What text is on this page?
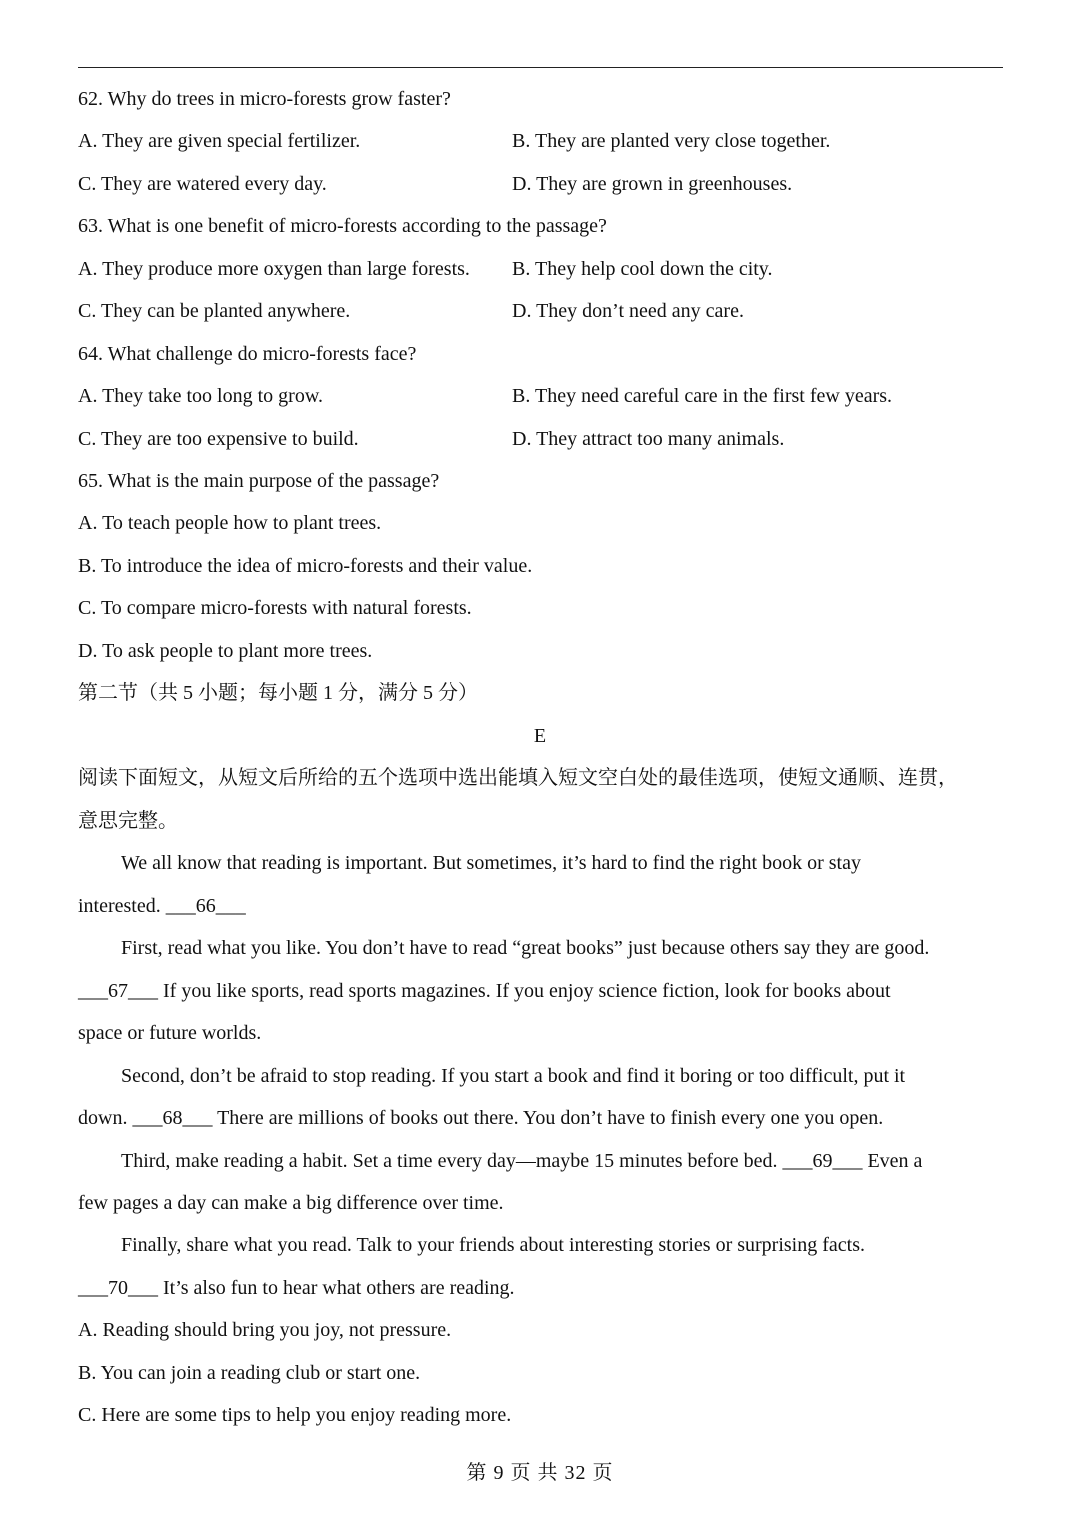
62. Why do trees in micro-forests grow faster?
A. They are given special fertilizer.	B. They are planted very close together.
C. They are watered every day.	D. They are grown in greenhouses.
63. What is one benefit of micro-forests according to the passage?
A. They produce more oxygen than large forests. B. They help cool down the city.
C. They can be planted anywhere.	D. They don’t need any care.
64. What challenge do micro-forests face?
A. They take too long to grow.	B. They need careful care in the first few years.
C. They are too expensive to build.	D. They attract too many animals.
65. What is the main purpose of the passage?
A. To teach people how to plant trees.
B. To introduce the idea of micro-forests and their value.
C. To compare micro-forests with natural forests.
D. To ask people to plant more trees.
第二节（共 5 小题；每小题 1 分，满分 5 分）
E
阅读下面短文，从短文后所给的五个选项中选出能填入短文空白处的最佳选项，使短文通顺、连贯，
意思完整。
We all know that reading is important. But sometimes, it’s hard to find the right book or stay
interested. ___66___
First, read what you like. You don’t have to read “great books” just because others say they are good.
___67___ If you like sports, read sports magazines. If you enjoy science fiction, look for books about
space or future worlds.
Second, don’t be afraid to stop reading. If you start a book and find it boring or too difficult, put it
down. ___68___ There are millions of books out there. You don’t have to finish every one you open.
Third, make reading a habit. Set a time every day—maybe 15 minutes before bed. ___69___ Even a
few pages a day can make a big difference over time.
Finally, share what you read. Talk to your friends about interesting stories or surprising facts.
___70___ It’s also fun to hear what others are reading.
A. Reading should bring you joy, not pressure.
B. You can join a reading club or start one.
C. Here are some tips to help you enjoy reading more.
第 9 页 共 32 页
